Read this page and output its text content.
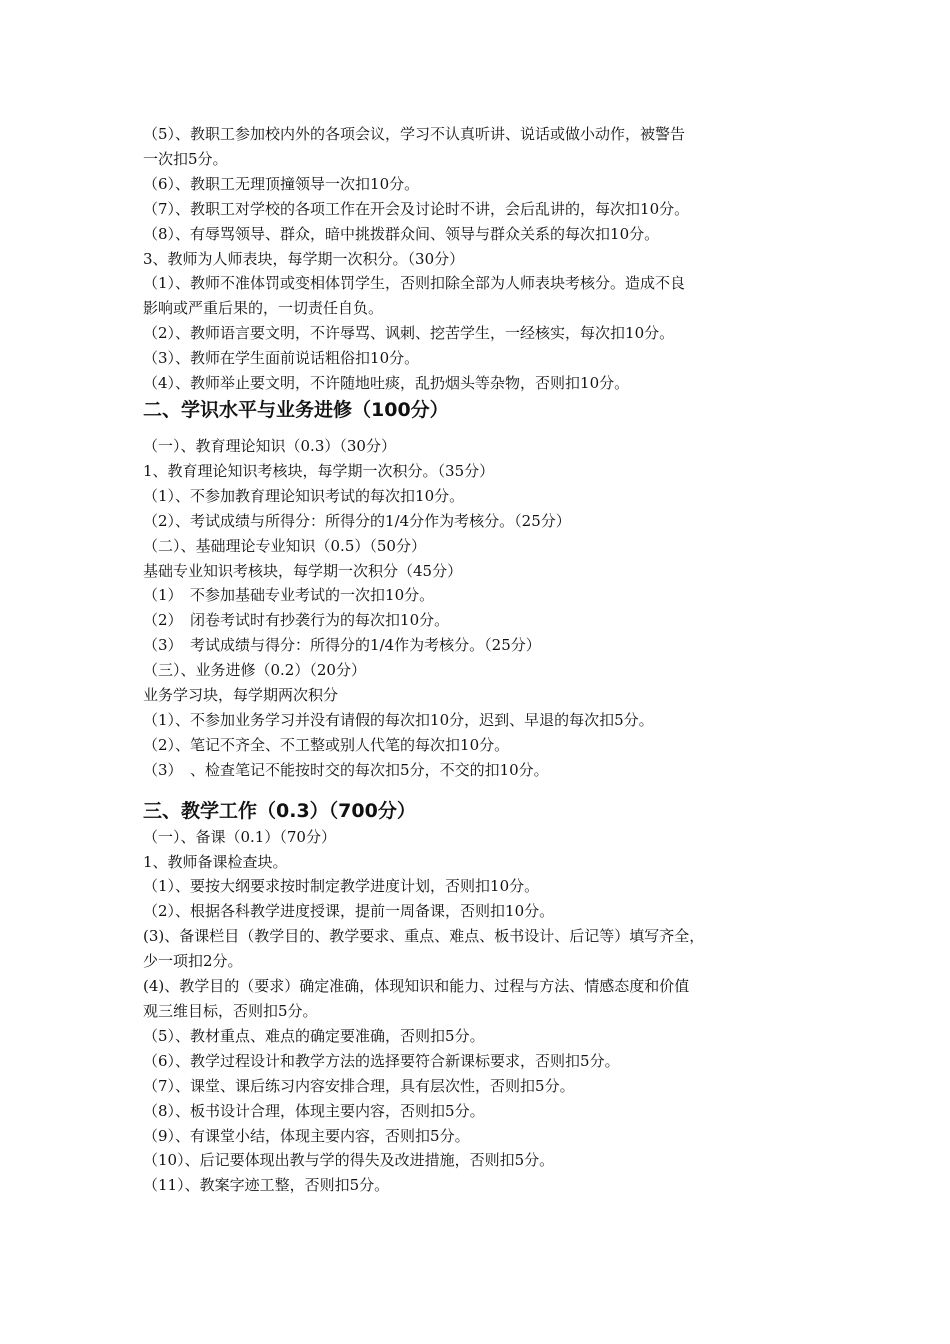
（5）、教职工参加校内外的各项会议，学习不认真听讲、说话或做小动作，被警告

一次扣5分。

（6）、教职工无理顶撞领导一次扣10分。

（7）、教职工对学校的各项工作在开会及讨论时不讲，会后乱讲的，每次扣10分。

（8）、有辱骂领导、群众，暗中挑拨群众间、领导与群众关系的每次扣10分。

3、教师为人师表块，每学期一次积分。（30分）

（1）、教师不准体罚或变相体罚学生，否则扣除全部为人师表块考核分。造成不良

影响或严重后果的，一切责任自负。

（2）、教师语言要文明，不许辱骂、讽刺、挖苦学生，一经核实，每次扣10分。

（3）、教师在学生面前说话粗俗扣10分。

（4）、教师举止要文明，不许随地吐痰，乱扔烟头等杂物，否则扣10分。

二、学识水平与业务进修（100分）

（一）、教育理论知识（0.3）（30分）

1、教育理论知识考核块，每学期一次积分。（35分）

（1）、不参加教育理论知识考试的每次扣10分。

（2）、考试成绩与所得分：所得分的1/4分作为考核分。（25分）

（二）、基础理论专业知识（0.5）（50分）

基础专业知识考核块，每学期一次积分（45分）

（1）　不参加基础专业考试的一次扣10分。

（2）　闭卷考试时有抄袭行为的每次扣10分。

（3）　考试成绩与得分：所得分的1/4作为考核分。（25分）

（三）、业务进修（0.2）（20分）

业务学习块，每学期两次积分

（1）、不参加业务学习并没有请假的每次扣10分，迟到、早退的每次扣5分。

（2）、笔记不齐全、不工整或别人代笔的每次扣10分。

（3）　、检查笔记不能按时交的每次扣5分，不交的扣10分。

三、教学工作（0.3）（700分）

（一）、备课（0.1）（70分）

1、教师备课检查块。

（1）、要按大纲要求按时制定教学进度计划，否则扣10分。

（2）、根据各科教学进度授课，提前一周备课，否则扣10分。

(3)、备课栏目（教学目的、教学要求、重点、难点、板书设计、后记等）填写齐全，

少一项扣2分。

(4)、教学目的（要求）确定准确，体现知识和能力、过程与方法、情感态度和价值

观三维目标，否则扣5分。

（5）、教材重点、难点的确定要准确，否则扣5分。

（6）、教学过程设计和教学方法的选择要符合新课标要求，否则扣5分。

（7）、课堂、课后练习内容安排合理，具有层次性，否则扣5分。

（8）、板书设计合理，体现主要内容，否则扣5分。

（9）、有课堂小结，体现主要内容，否则扣5分。

（10）、后记要体现出教与学的得失及改进措施，否则扣5分。

（11）、教案字迹工整，否则扣5分。
